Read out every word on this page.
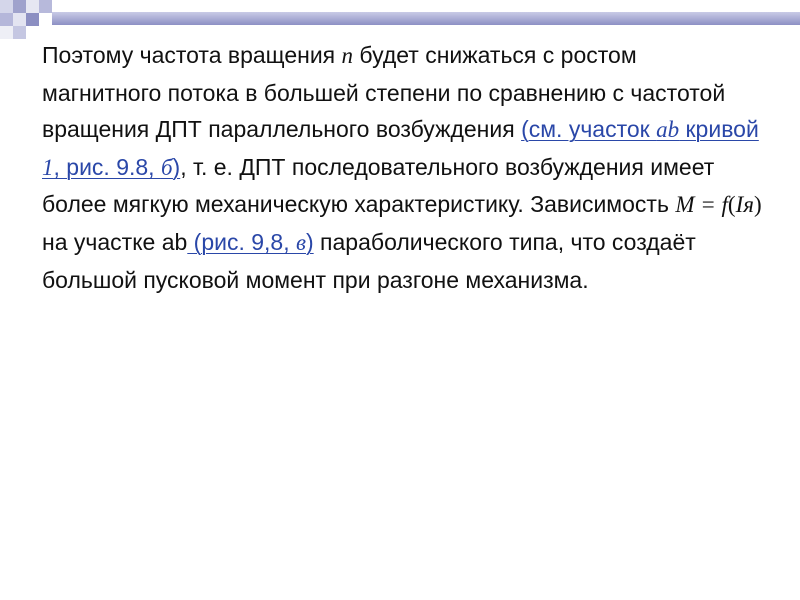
Поэтому частота вращения n будет снижаться с ростом магнитного потока в большей степени по сравнению с частотой вращения ДПТ параллельного возбуждения (см. участок ab кривой 1, рис. 9.8, б), т. е. ДПТ последовательного возбуждения имеет более мягкую механическую характеристику. Зависимость М = f(Iя) на участке аb (рис. 9,8, в) параболического типа, что создаёт большой пусковой момент при разгоне механизма.
